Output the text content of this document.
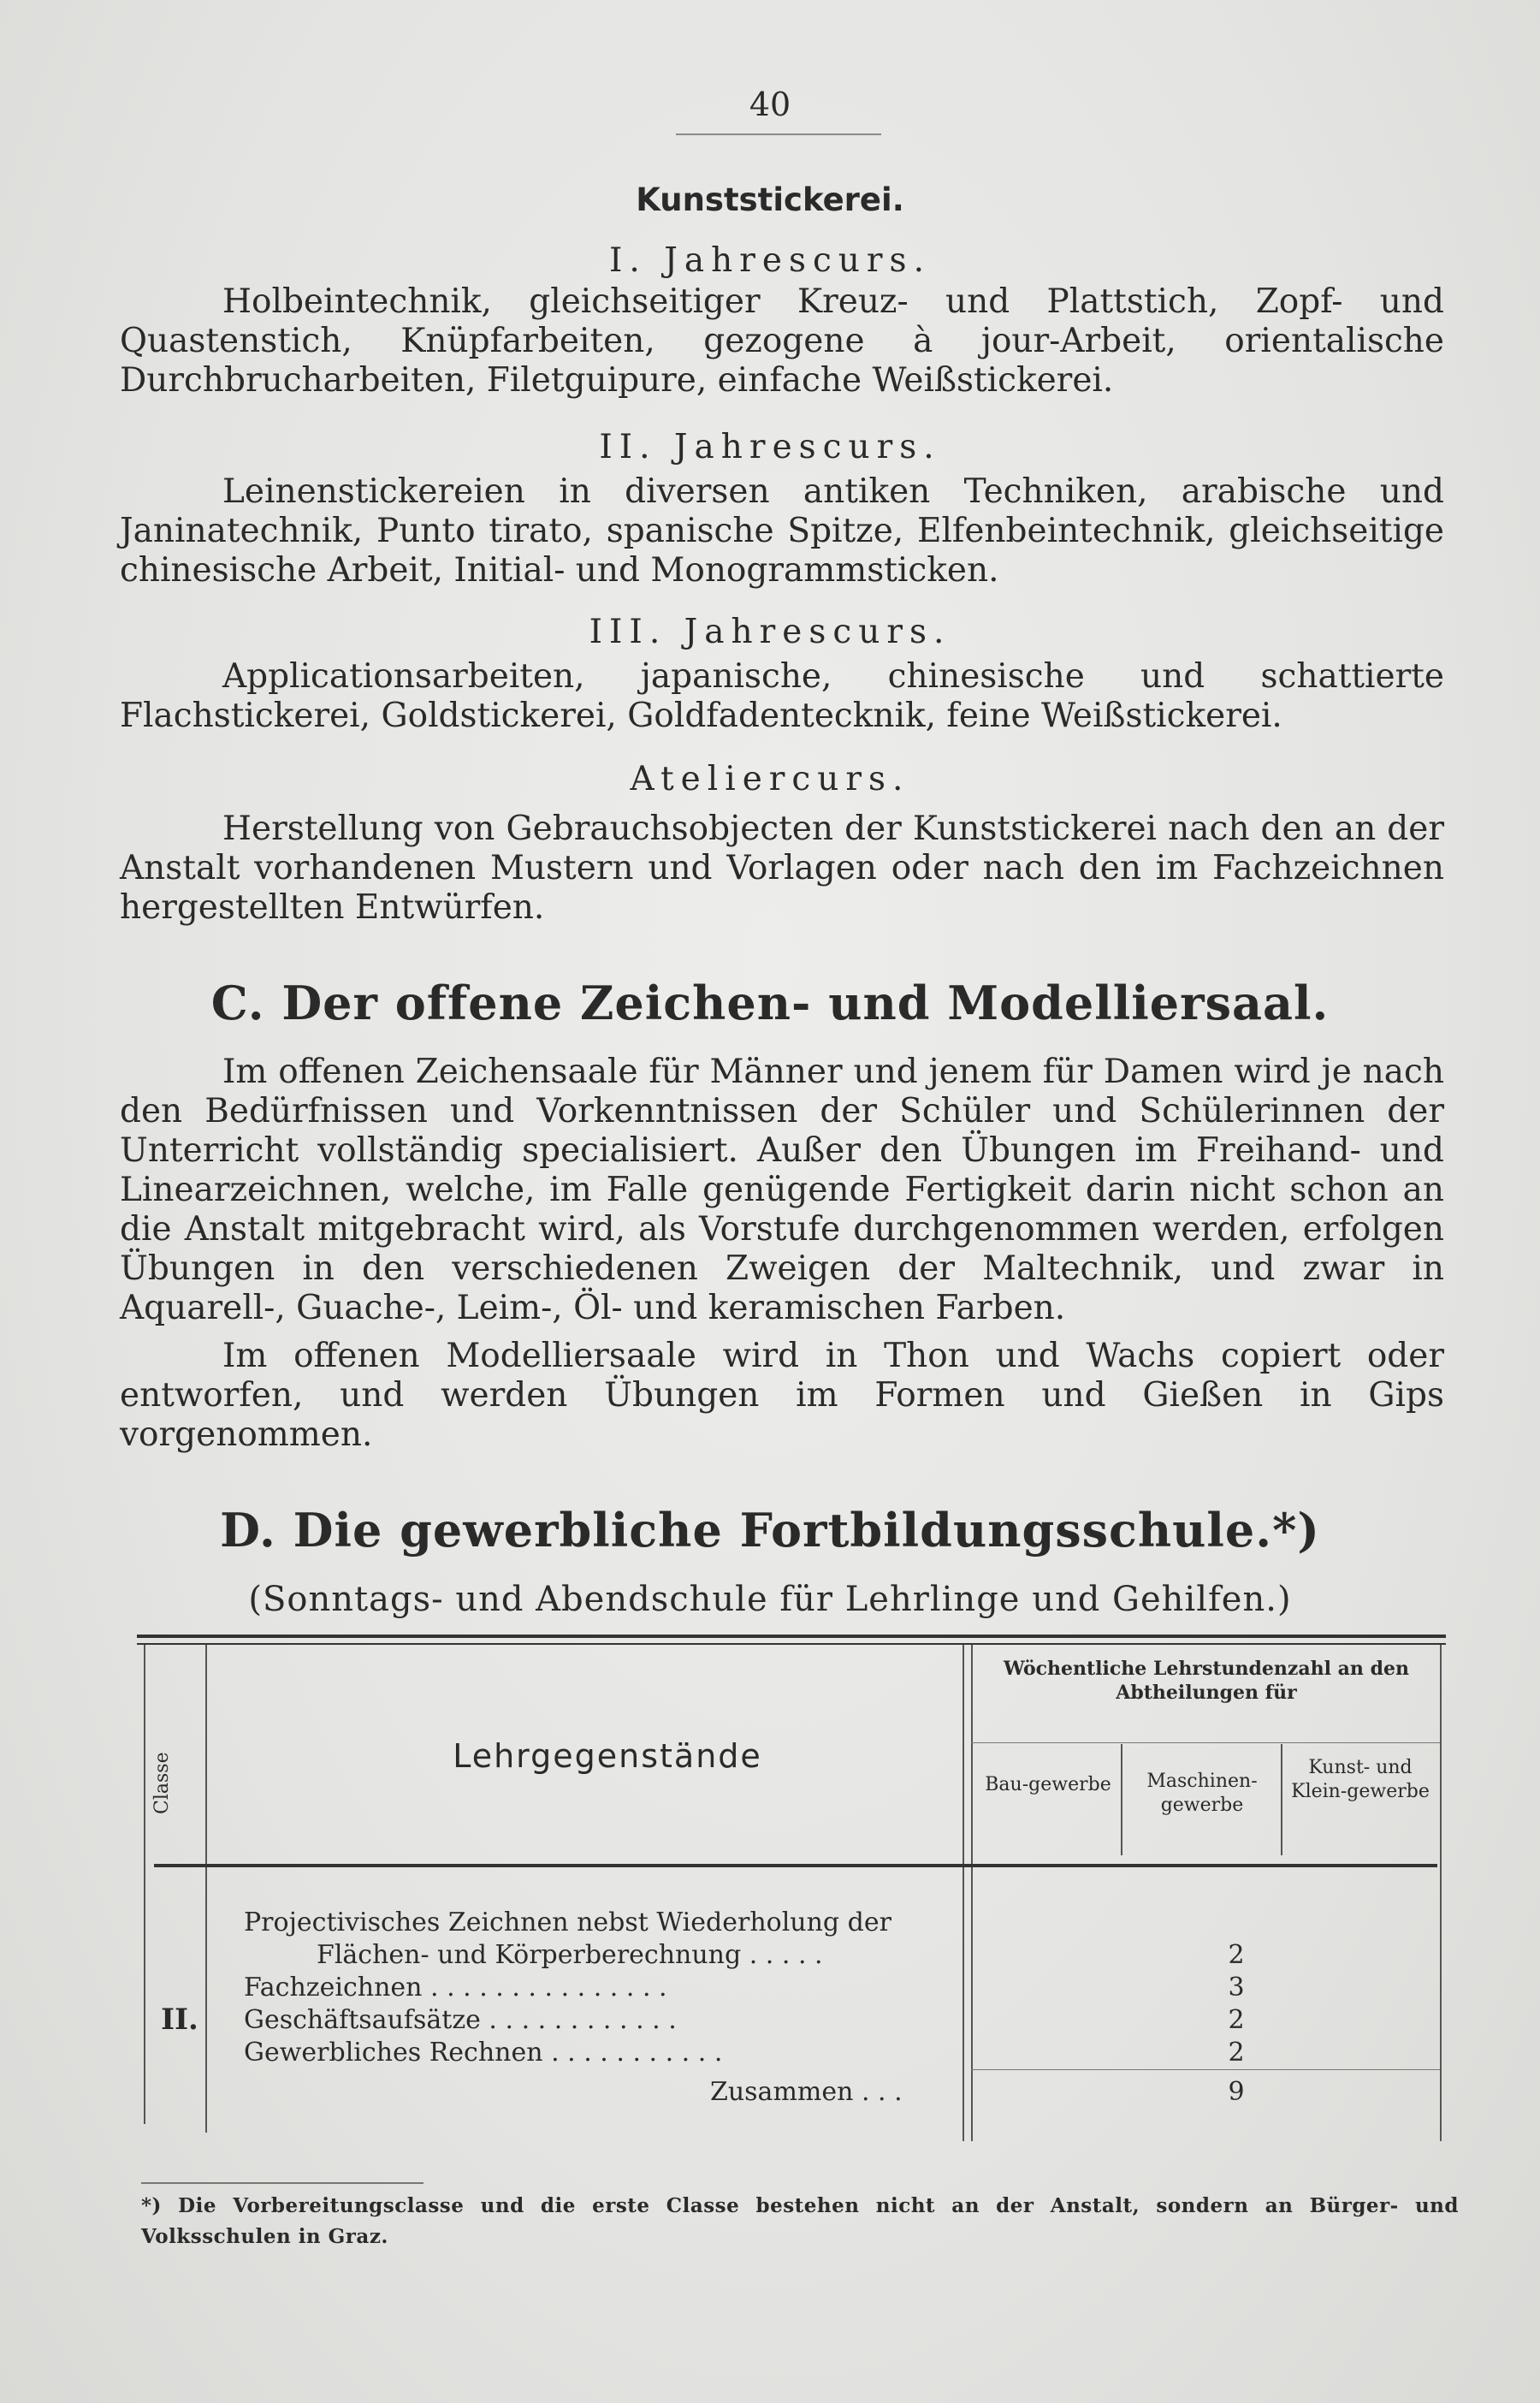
40

Kunststickerei.

I. Jahrescurs.

Holbeintechnik, gleichseitiger Kreuz- und Plattstich, Zopf- und Quastenstich, Knüpfarbeiten, gezogene à jour-Arbeit, orientalische Durchbrucharbeiten, Filetguipure, einfache Weißstickerei.

II. Jahrescurs.

Leinenstickereien in diversen antiken Techniken, arabische und Janinatechnik, Punto tirato, spanische Spitze, Elfenbeintechnik, gleichseitige chinesische Arbeit, Initial- und Monogrammsticken.

III. Jahrescurs.

Applicationsarbeiten, japanische, chinesische und schattierte Flachstickerei, Goldstickerei, Goldfadentecknik, feine Weißstickerei.

Ateliercurs.

Herstellung von Gebrauchsobjecten der Kunststickerei nach den an der Anstalt vorhandenen Mustern und Vorlagen oder nach den im Fachzeichnen hergestellten Entwürfen.

C. Der offene Zeichen- und Modelliersaal.

Im offenen Zeichensaale für Männer und jenem für Damen wird je nach den Bedürfnissen und Vorkenntnissen der Schüler und Schülerinnen der Unterricht vollständig specialisiert. Außer den Übungen im Freihand- und Linearzeichnen, welche, im Falle genügende Fertigkeit darin nicht schon an die Anstalt mitgebracht wird, als Vorstufe durchgenommen werden, erfolgen Übungen in den verschiedenen Zweigen der Maltechnik, und zwar in Aquarell-, Guache-, Leim-, Öl- und keramischen Farben.

Im offenen Modelliersaale wird in Thon und Wachs copiert oder entworfen, und werden Übungen im Formen und Gießen in Gips vorgenommen.

D. Die gewerbliche Fortbildungsschule.*)

(Sonntags- und Abendschule für Lehrlinge und Gehilfen.)

Classe	Lehrgegenstände
Wöchentliche Lehrstundenzahl an den Abtheilungen für
Bau-gewerbe	Maschinen-gewerbe
Kunst- und Klein-gewerbe
II.
Projectivisches Zeichnen nebst Wiederholung der
Flächen- und Körperberechnung . . . . .
Fachzeichnen . . . . . . . . . . . . . . .
Geschäftsaufsätze . . . . . . . . . . . .
Gewerbliches Rechnen . . . . . . . . . . .
Zusammen . . .
2
3
2
2
9

*) Die Vorbereitungsclasse und die erste Classe bestehen nicht an der Anstalt, sondern an Bürger- und Volksschulen in Graz.
